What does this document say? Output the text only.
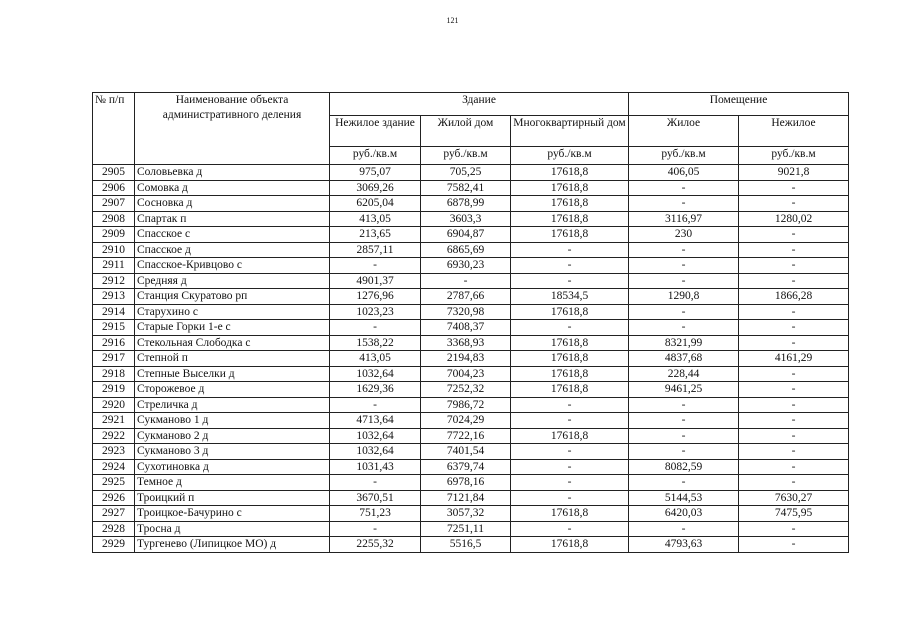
121
№ п/п	Наименование объекта административного деления	Здание			Помещение	
		Нежилое здание	Жилой дом	Многоквартирный дом	Жилое	Нежилое
		руб./кв.м	руб./кв.м	руб./кв.м	руб./кв.м	руб./кв.м
2905	Соловьевка д	975,07	705,25	17618,8	406,05	9021,8
2906	Сомовка д	3069,26	7582,41	17618,8	-	-
2907	Сосновка д	6205,04	6878,99	17618,8	-	-
2908	Спартак п	413,05	3603,3	17618,8	3116,97	1280,02
2909	Спасское с	213,65	6904,87	17618,8	230	-
2910	Спасское д	2857,11	6865,69	-	-	-
2911	Спасское-Кривцово с	-	6930,23	-	-	-
2912	Средняя д	4901,37	-	-	-	-
2913	Станция Скуратово рп	1276,96	2787,66	18534,5	1290,8	1866,28
2914	Старухино с	1023,23	7320,98	17618,8	-	-
2915	Старые Горки 1-е с	-	7408,37	-	-	-
2916	Стекольная Слободка с	1538,22	3368,93	17618,8	8321,99	-
2917	Степной п	413,05	2194,83	17618,8	4837,68	4161,29
2918	Степные Выселки д	1032,64	7004,23	17618,8	228,44	-
2919	Сторожевое д	1629,36	7252,32	17618,8	9461,25	-
2920	Стреличка д	-	7986,72	-	-	-
2921	Сукманово 1 д	4713,64	7024,29	-	-	-
2922	Сукманово 2 д	1032,64	7722,16	17618,8	-	-
2923	Сукманово 3 д	1032,64	7401,54	-	-	-
2924	Сухотиновка д	1031,43	6379,74	-	8082,59	-
2925	Темное д	-	6978,16	-	-	-
2926	Троицкий п	3670,51	7121,84	-	5144,53	7630,27
2927	Троицкое-Бачурино с	751,23	3057,32	17618,8	6420,03	7475,95
2928	Тросна д	-	7251,11	-	-	-
2929	Тургенево (Липицкое МО) д	2255,32	5516,5	17618,8	4793,63	-
